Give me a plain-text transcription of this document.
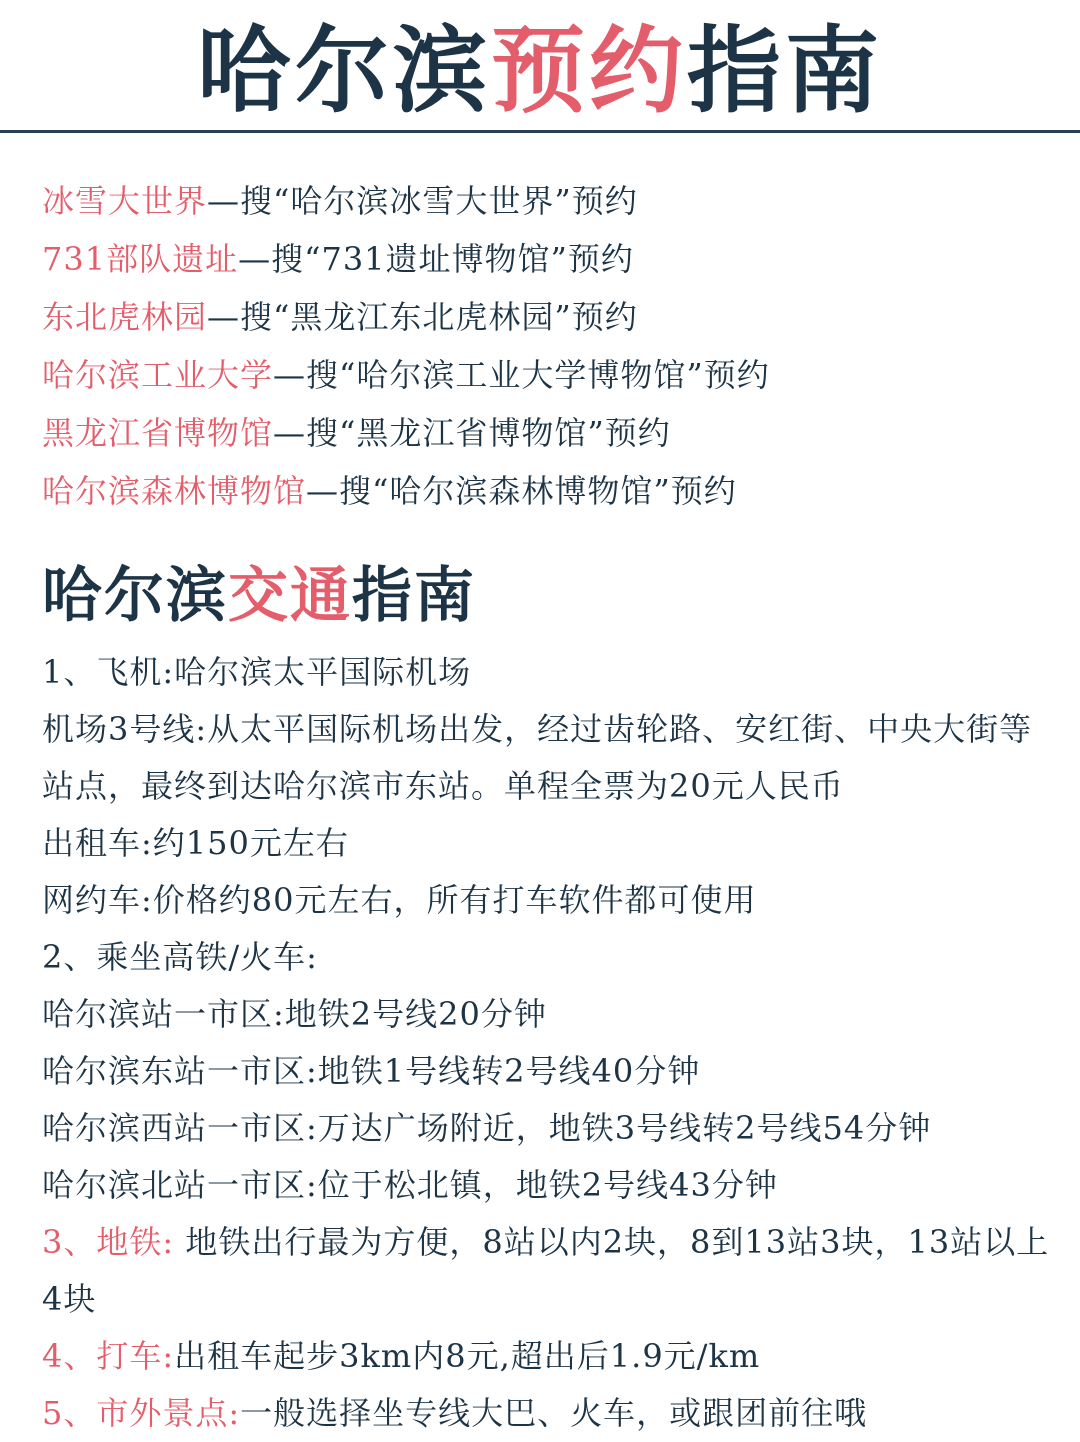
哈尔滨预约指南
冰雪大世界—搜“哈尔滨冰雪大世界”预约
731部队遗址—搜“731遗址博物馆”预约
东北虎林园—搜“黑龙江东北虎林园”预约
哈尔滨工业大学—搜“哈尔滨工业大学博物馆”预约
黑龙江省博物馆—搜“黑龙江省博物馆”预约
哈尔滨森林博物馆—搜“哈尔滨森林博物馆”预约
哈尔滨交通指南
1、飞机:哈尔滨太平国际机场
机场3号线:从太平国际机场出发，经过齿轮路、安红街、中央大街等站点，最终到达哈尔滨市东站。单程全票为20元人民币
出租车:约150元左右
网约车:价格约80元左右，所有打车软件都可使用
2、乘坐高铁/火车:
哈尔滨站一市区:地铁2号线20分钟
哈尔滨东站一市区:地铁1号线转2号线40分钟
哈尔滨西站一市区:万达广场附近，地铁3号线转2号线54分钟
哈尔滨北站一市区:位于松北镇，地铁2号线43分钟
3、地铁: 地铁出行最为方便，8站以内2块，8到13站3块，13站以上4块
4、打车:出租车起步3km内8元,超出后1.9元/km
5、市外景点:一般选择坐专线大巴、火车，或跟团前往哦
